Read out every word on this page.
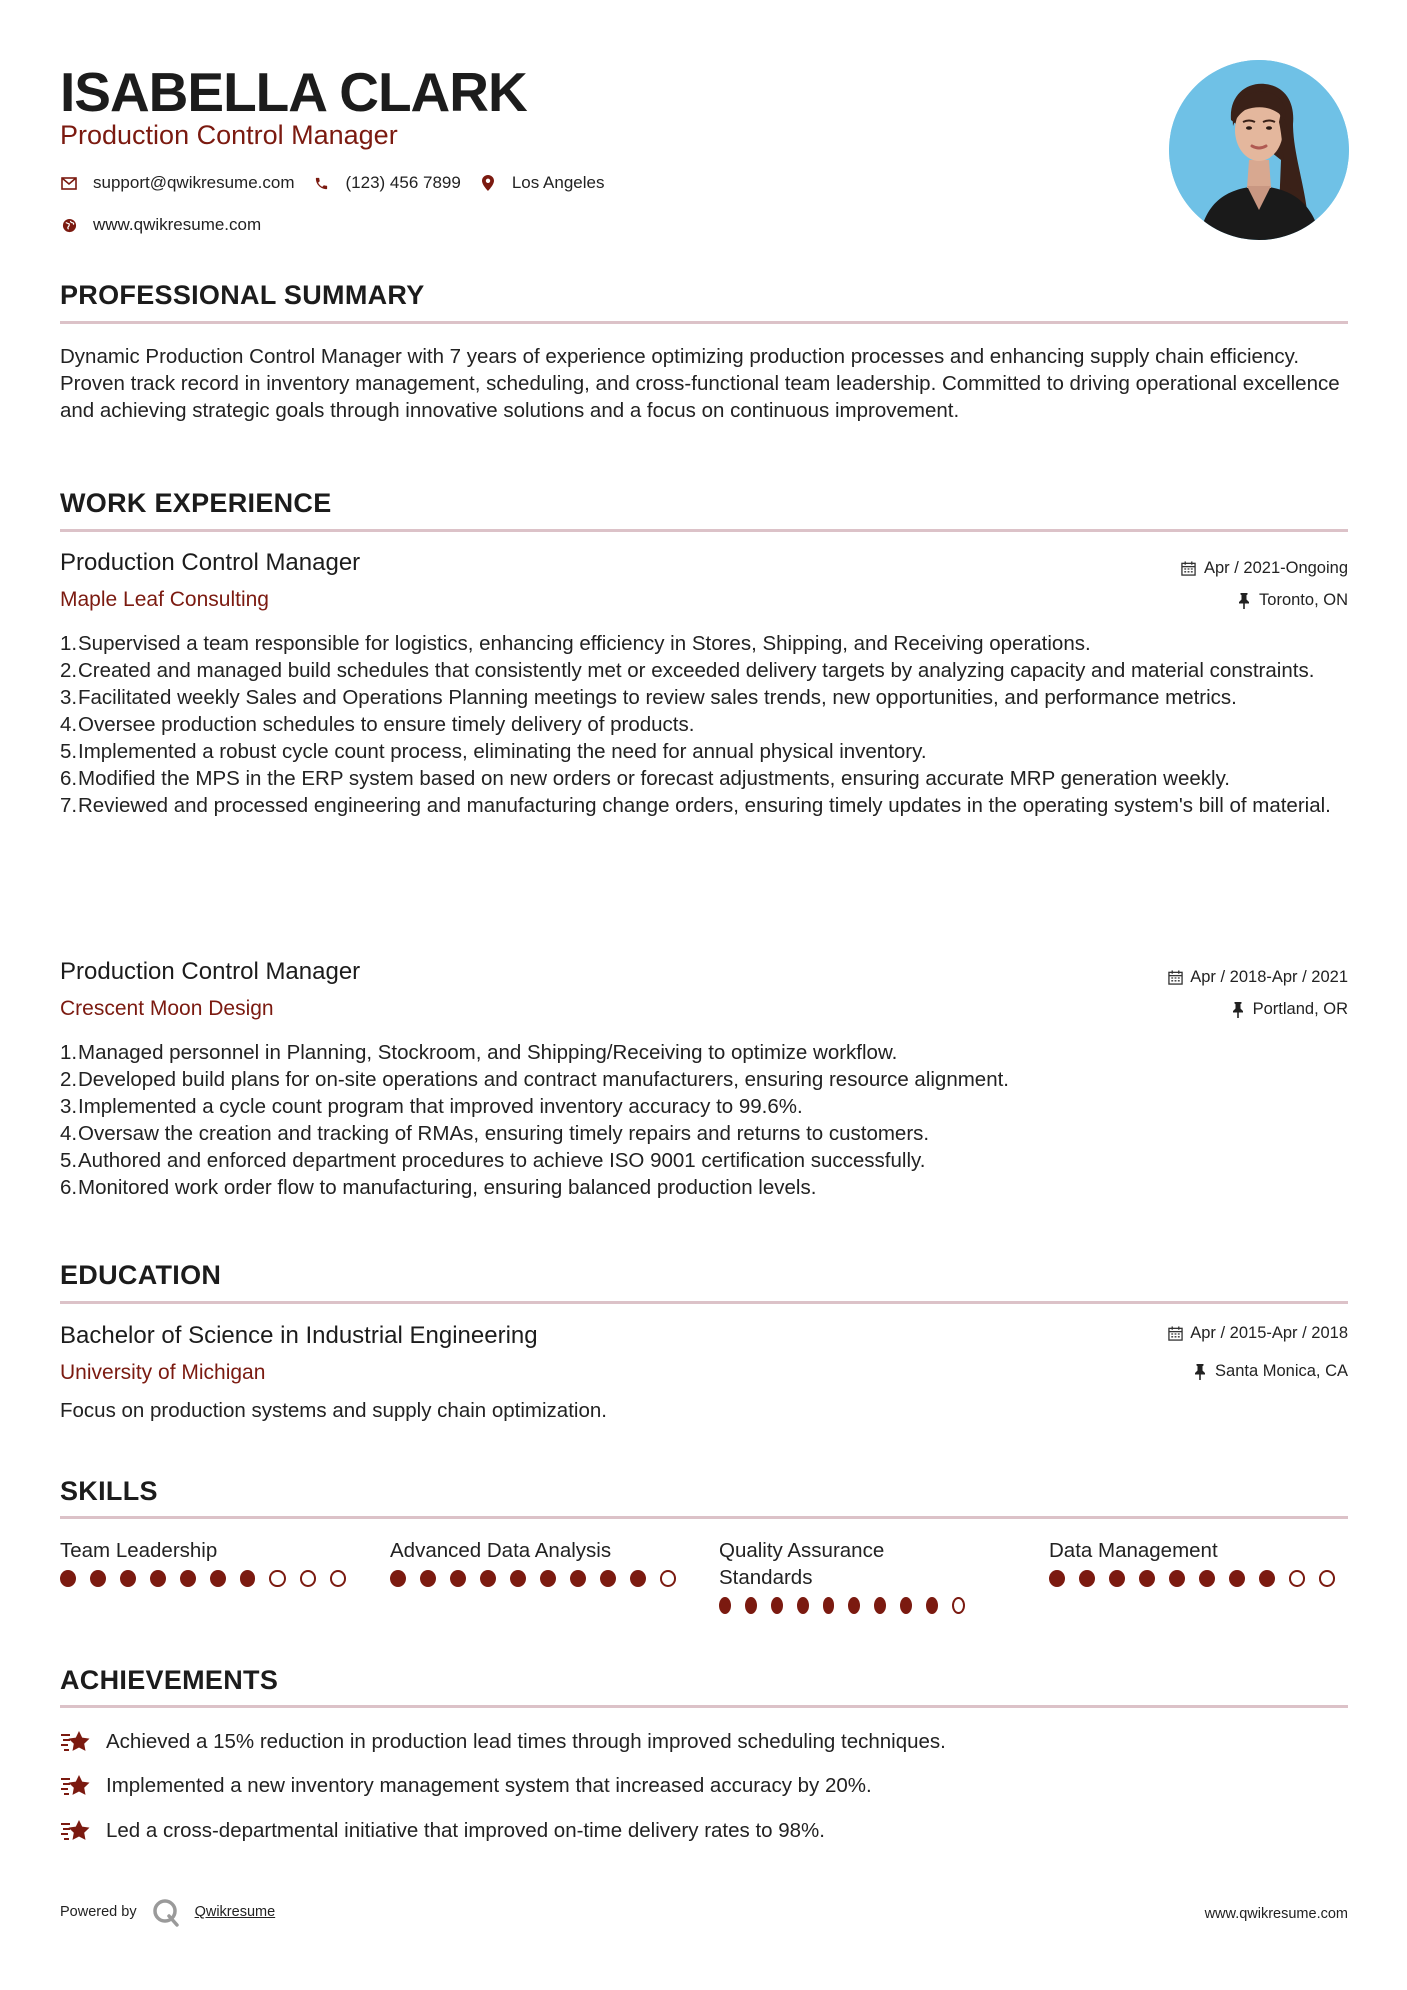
ISABELLA CLARK
Production Control Manager
support@qwikresume.com	(123) 456 7899	Los Angeles
www.qwikresume.com
PROFESSIONAL SUMMARY
Dynamic Production Control Manager with 7 years of experience optimizing production processes and enhancing supply chain efficiency. Proven track record in inventory management, scheduling, and cross-functional team leadership. Committed to driving operational excellence and achieving strategic goals through innovative solutions and a focus on continuous improvement.
WORK EXPERIENCE
Production Control Manager
Maple Leaf Consulting
Apr / 2021-Ongoing
Toronto, ON
1. Supervised a team responsible for logistics, enhancing efficiency in Stores, Shipping, and Receiving operations.
2. Created and managed build schedules that consistently met or exceeded delivery targets by analyzing capacity and material constraints.
3. Facilitated weekly Sales and Operations Planning meetings to review sales trends, new opportunities, and performance metrics.
4. Oversee production schedules to ensure timely delivery of products.
5. Implemented a robust cycle count process, eliminating the need for annual physical inventory.
6. Modified the MPS in the ERP system based on new orders or forecast adjustments, ensuring accurate MRP generation weekly.
7. Reviewed and processed engineering and manufacturing change orders, ensuring timely updates in the operating system's bill of material.
Production Control Manager
Crescent Moon Design
Apr / 2018-Apr / 2021
Portland, OR
1. Managed personnel in Planning, Stockroom, and Shipping/Receiving to optimize workflow.
2. Developed build plans for on-site operations and contract manufacturers, ensuring resource alignment.
3. Implemented a cycle count program that improved inventory accuracy to 99.6%.
4. Oversaw the creation and tracking of RMAs, ensuring timely repairs and returns to customers.
5. Authored and enforced department procedures to achieve ISO 9001 certification successfully.
6. Monitored work order flow to manufacturing, ensuring balanced production levels.
EDUCATION
Bachelor of Science in Industrial Engineering
University of Michigan
Apr / 2015-Apr / 2018
Santa Monica, CA
Focus on production systems and supply chain optimization.
SKILLS
Team Leadership	Advanced Data Analysis	Quality Assurance Standards
Data Management
ACHIEVEMENTS
Achieved a 15% reduction in production lead times through improved scheduling techniques.
Implemented a new inventory management system that increased accuracy by 20%.
Led a cross-departmental initiative that improved on-time delivery rates to 98%.
Powered by	Qwikresume	www.qwikresume.com
